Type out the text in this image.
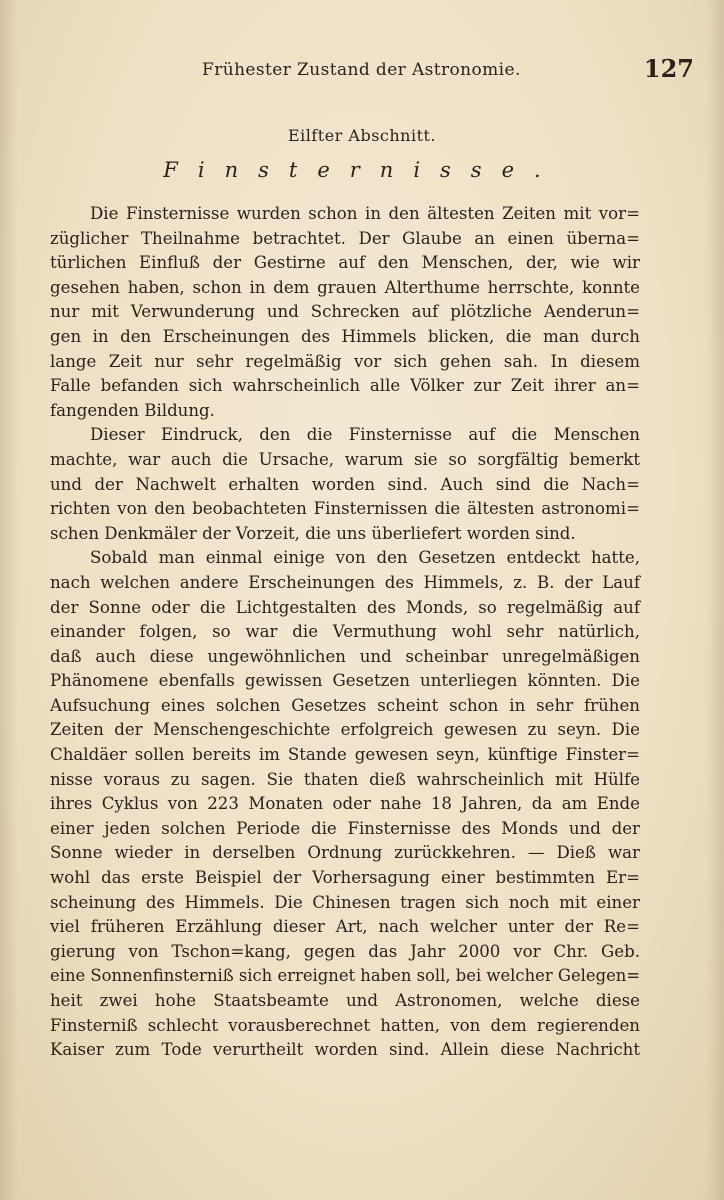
Frühester Zustand der Astronomie.	127
Eilfter Abschnitt.
Finsternisse.
Die Finsternisse wurden schon in den ältesten Zeiten mit vor=
züglicher Theilnahme betrachtet. Der Glaube an einen überna=
türlichen Einfluß der Gestirne auf den Menschen, der, wie wir
gesehen haben, schon in dem grauen Alterthume herrschte, konnte
nur mit Verwunderung und Schrecken auf plötzliche Aenderun=
gen in den Erscheinungen des Himmels blicken, die man durch
lange Zeit nur sehr regelmäßig vor sich gehen sah. In diesem
Falle befanden sich wahrscheinlich alle Völker zur Zeit ihrer an=
fangenden Bildung.
Dieser Eindruck, den die Finsternisse auf die Menschen
machte, war auch die Ursache, warum sie so sorgfältig bemerkt
und der Nachwelt erhalten worden sind. Auch sind die Nach=
richten von den beobachteten Finsternissen die ältesten astronomi=
schen Denkmäler der Vorzeit, die uns überliefert worden sind.
Sobald man einmal einige von den Gesetzen entdeckt hatte,
nach welchen andere Erscheinungen des Himmels, z. B. der Lauf
der Sonne oder die Lichtgestalten des Monds, so regelmäßig auf
einander folgen, so war die Vermuthung wohl sehr natürlich,
daß auch diese ungewöhnlichen und scheinbar unregelmäßigen
Phänomene ebenfalls gewissen Gesetzen unterliegen könnten. Die
Aufsuchung eines solchen Gesetzes scheint schon in sehr frühen
Zeiten der Menschengeschichte erfolgreich gewesen zu seyn. Die
Chaldäer sollen bereits im Stande gewesen seyn, künftige Finster=
nisse voraus zu sagen. Sie thaten dieß wahrscheinlich mit Hülfe
ihres Cyklus von 223 Monaten oder nahe 18 Jahren, da am Ende
einer jeden solchen Periode die Finsternisse des Monds und der
Sonne wieder in derselben Ordnung zurückkehren. — Dieß war
wohl das erste Beispiel der Vorhersagung einer bestimmten Er=
scheinung des Himmels. Die Chinesen tragen sich noch mit einer
viel früheren Erzählung dieser Art, nach welcher unter der Re=
gierung von Tschon=kang, gegen das Jahr 2000 vor Chr. Geb.
eine Sonnenfinsterniß sich erreignet haben soll, bei welcher Gelegen=
heit zwei hohe Staatsbeamte und Astronomen, welche diese
Finsterniß schlecht vorausberechnet hatten, von dem regierenden
Kaiser zum Tode verurtheilt worden sind. Allein diese Nachricht
